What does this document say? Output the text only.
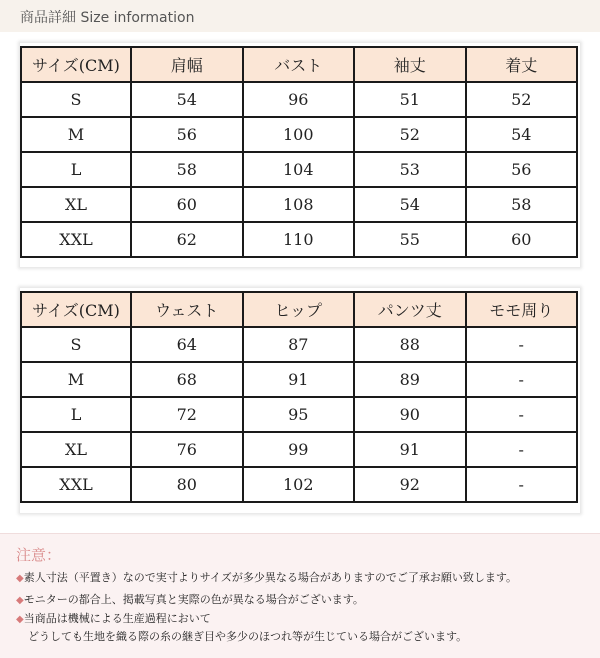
商品詳細 Size information
サイズ(CM)	肩幅	バスト	袖丈	着丈
S	54	96	51	52
M	56	100	52	54
L	58	104	53	56
XL	60	108	54	58
XXL	62	110	55	60
サイズ(CM)	ウェスト	ヒップ	パンツ丈	モモ周り
S	64	87	88	-
M	68	91	89	-
L	72	95	90	-
XL	76	99	91	-
XXL	80	102	92	-
注意：
◆素人寸法（平置き）なので実寸よりサイズが多少異なる場合がありますのでご了承お願い致します。
◆モニターの都合上、掲載写真と実際の色が異なる場合がございます。
◆当商品は機械による生産過程において
どうしても生地を織る際の糸の継ぎ目や多少のほつれ等が生じている場合がございます。
